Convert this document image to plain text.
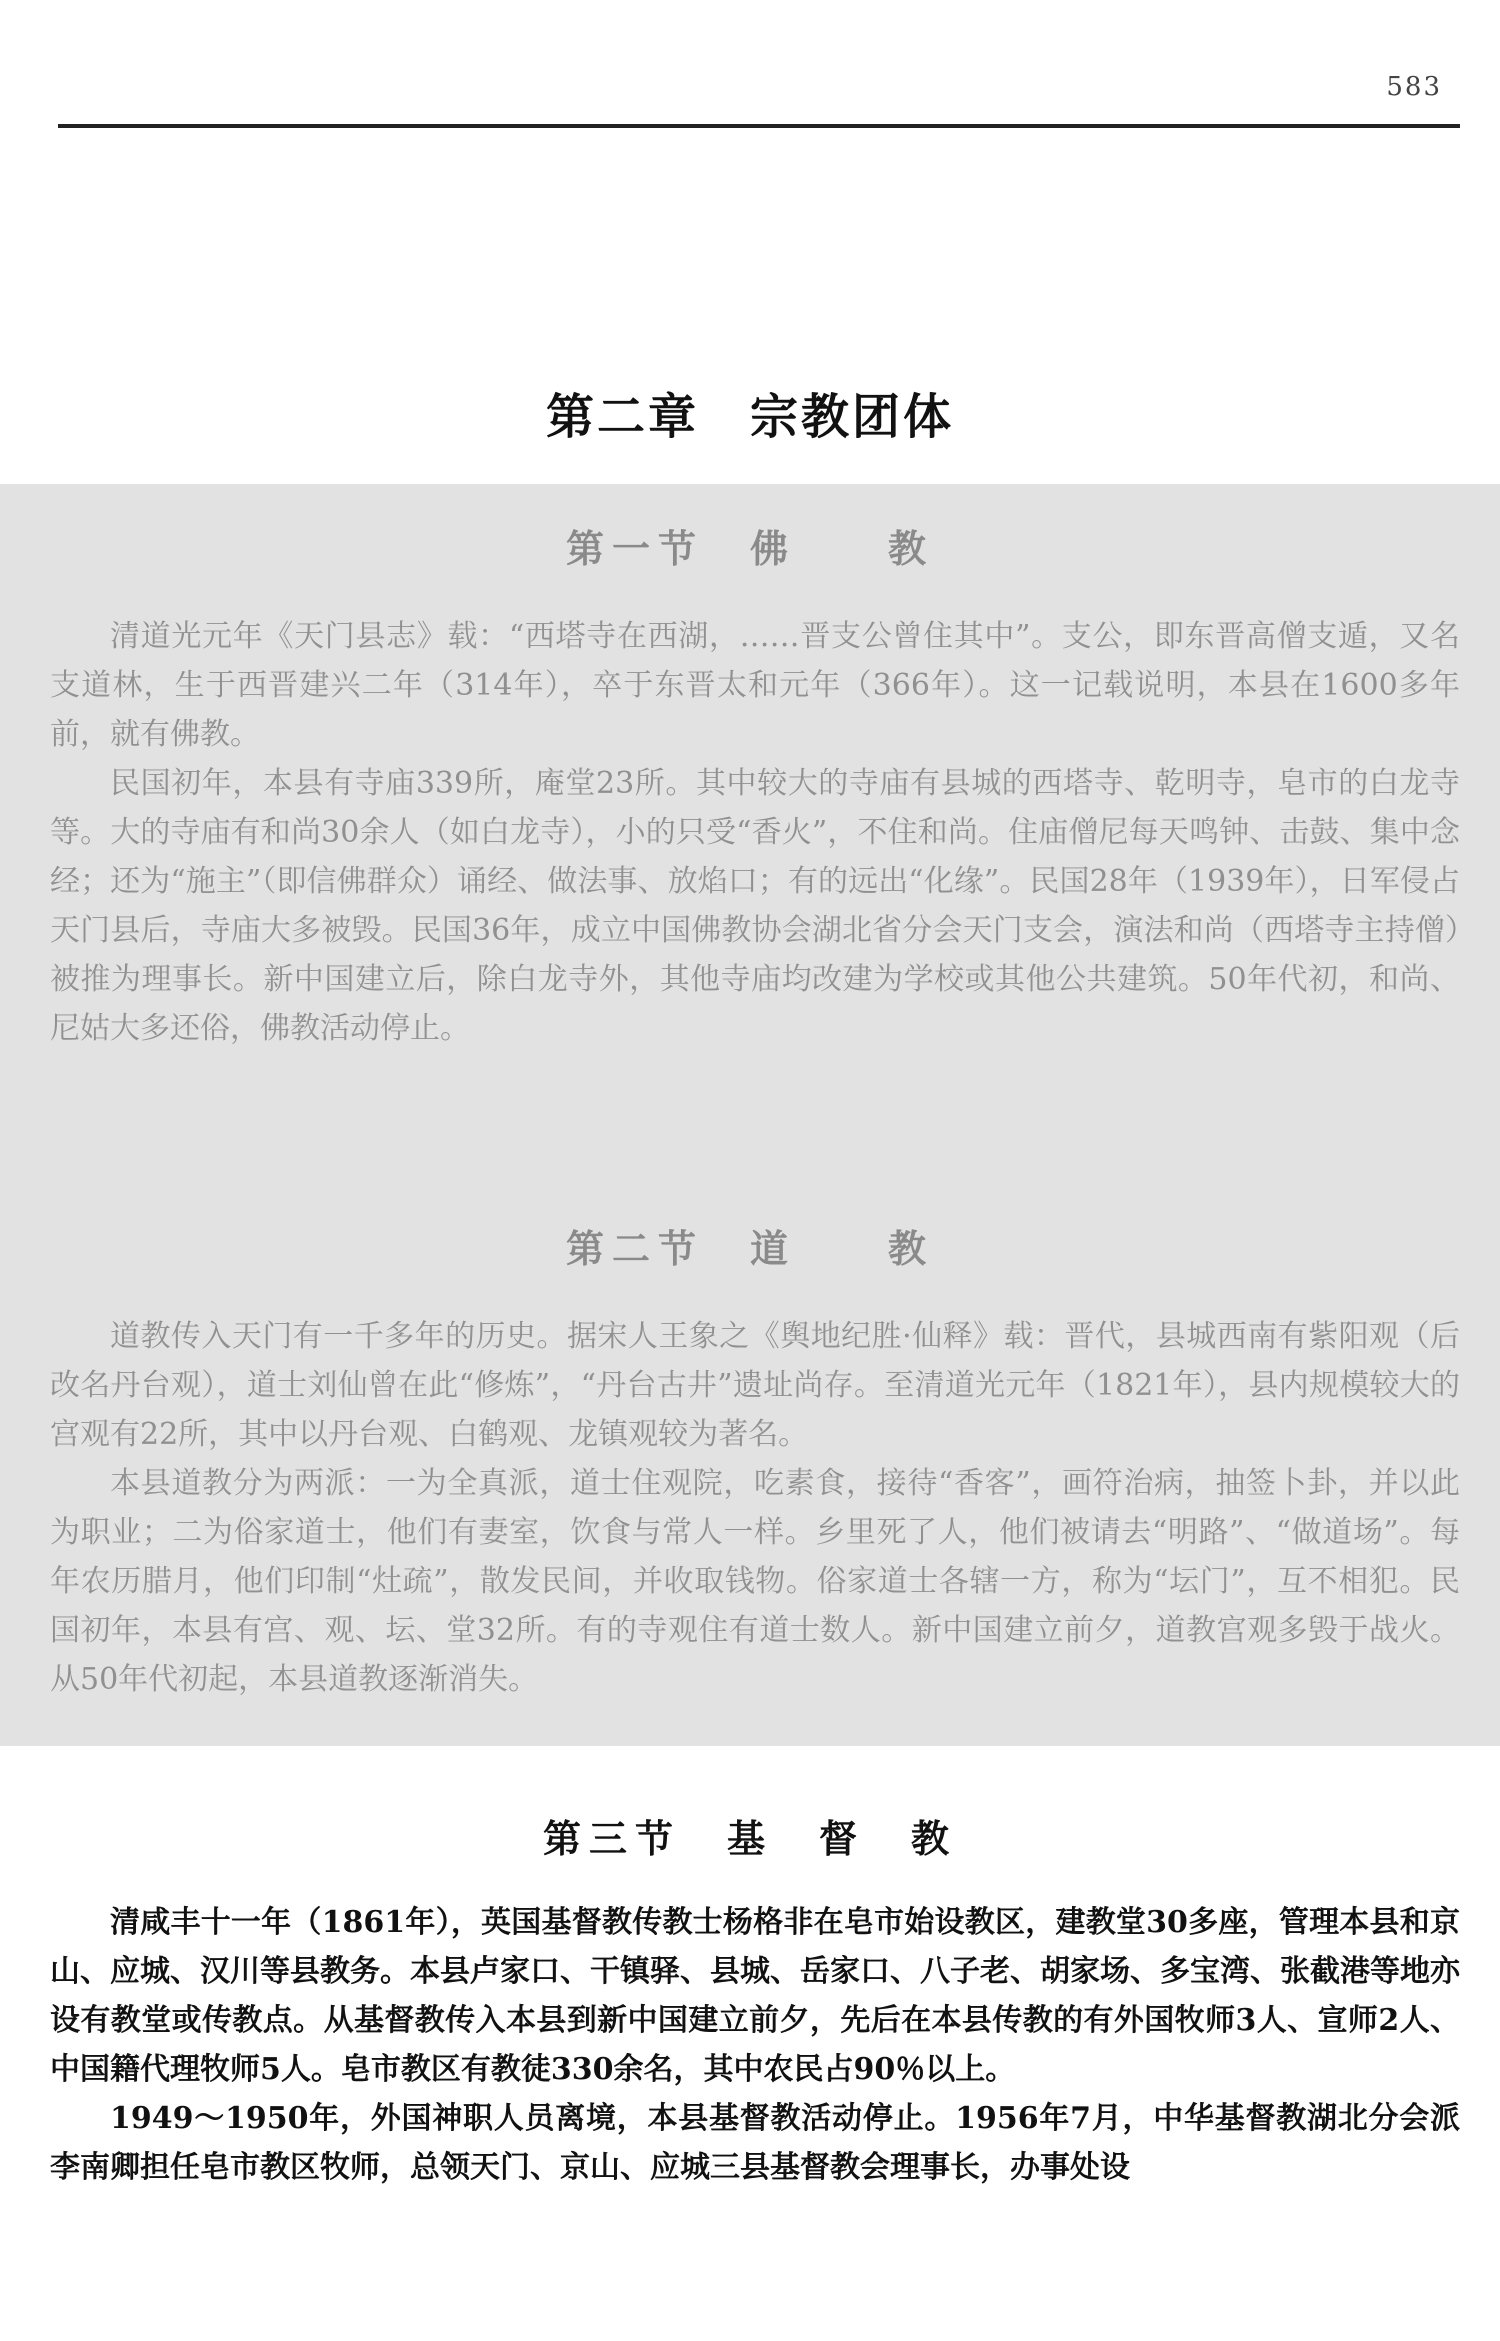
583
第二章　宗教团体
第一节　佛　　教

清道光元年《天门县志》载：“西塔寺在西湖，……晋支公曾住其中”。支公，即东晋高僧支遁，又名支道林，生于西晋建兴二年（314年），卒于东晋太和元年（366年）。这一记载说明，本县在1600多年前，就有佛教。

民国初年，本县有寺庙339所，庵堂23所。其中较大的寺庙有县城的西塔寺、乾明寺，皂市的白龙寺等。大的寺庙有和尚30余人（如白龙寺），小的只受“香火”，不住和尚。住庙僧尼每天鸣钟、击鼓、集中念经；还为“施主”（即信佛群众）诵经、做法事、放焰口；有的远出“化缘”。民国28年（1939年），日军侵占天门县后，寺庙大多被毁。民国36年，成立中国佛教协会湖北省分会天门支会，演法和尚（西塔寺主持僧）被推为理事长。新中国建立后，除白龙寺外，其他寺庙均改建为学校或其他公共建筑。50年代初，和尚、尼姑大多还俗，佛教活动停止。

第二节　道　　教

道教传入天门有一千多年的历史。据宋人王象之《舆地纪胜·仙释》载：晋代，县城西南有紫阳观（后改名丹台观），道士刘仙曾在此“修炼”，“丹台古井”遗址尚存。至清道光元年（1821年），县内规模较大的宫观有22所，其中以丹台观、白鹤观、龙镇观较为著名。

本县道教分为两派：一为全真派，道士住观院，吃素食，接待“香客”，画符治病，抽签卜卦，并以此为职业；二为俗家道士，他们有妻室，饮食与常人一样。乡里死了人，他们被请去“明路”、“做道场”。每年农历腊月，他们印制“灶疏”，散发民间，并收取钱物。俗家道士各辖一方，称为“坛门”，互不相犯。民国初年，本县有宫、观、坛、堂32所。有的寺观住有道士数人。新中国建立前夕，道教宫观多毁于战火。从50年代初起，本县道教逐渐消失。

第三节　基　督　教

清咸丰十一年（1861年），英国基督教传教士杨格非在皂市始设教区，建教堂30多座，管理本县和京山、应城、汉川等县教务。本县卢家口、干镇驿、县城、岳家口、八子老、胡家场、多宝湾、张截港等地亦设有教堂或传教点。从基督教传入本县到新中国建立前夕，先后在本县传教的有外国牧师3人、宣师2人、中国籍代理牧师5人。皂市教区有教徒330余名，其中农民占90％以上。

1949～1950年，外国神职人员离境，本县基督教活动停止。1956年7月，中华基督教湖北分会派李南卿担任皂市教区牧师，总领天门、京山、应城三县基督教会理事长，办事处设
